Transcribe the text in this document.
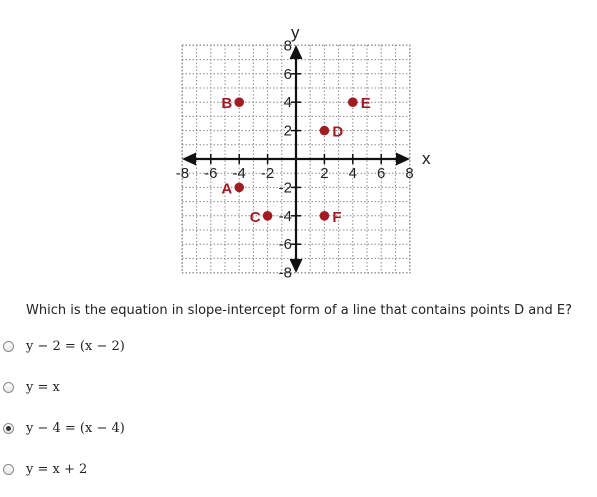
x
y
-8 -6 -4 -2	2 4 6 8
8
6
4
2
-2
-4
-6
-8
A
B
C
D
E
F
Which is the equation in slope-intercept form of a line that contains points D and E?
y − 2 = (x − 2)
y = x
y − 4 = (x − 4)
y = x + 2
